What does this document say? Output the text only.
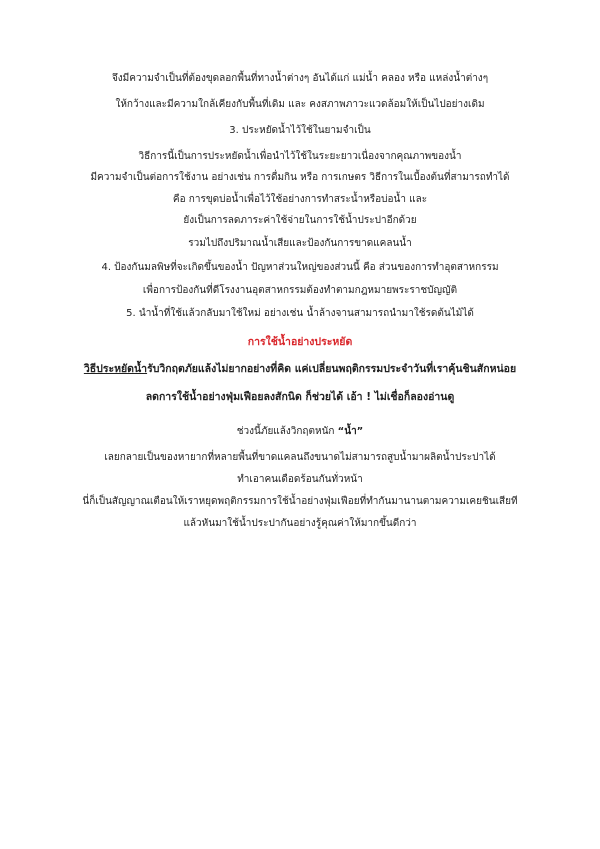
จึงมีความจำเป็นที่ต้องขุดลอกพื้นที่ทางน้ำต่างๆ อันได้แก่ แม่น้ำ คลอง หรือ แหล่งน้ำต่างๆ
ให้กว้างและมีความใกล้เคียงกับพื้นที่เดิม และ คงสภาพภาวะแวดล้อมให้เป็นไปอย่างเดิม
3. ประหยัดน้ำไว้ใช้ในยามจำเป็น
วิธีการนี้เป็นการประหยัดน้ำเพื่อนำไว้ใช้ในระยะยาวเนื่องจากคุณภาพของน้ำ
มีความจำเป็นต่อการใช้งาน อย่างเช่น การดื่มกิน หรือ การเกษตร วิธีการในเบื้องต้นที่สามารถทำได้
คือ การขุดบ่อน้ำเพื่อไว้ใช้อย่างการทำสระน้ำหรือบ่อน้ำ และ
ยังเป็นการลดภาระค่าใช้จ่ายในการใช้น้ำประปาอีกด้วย
รวมไปถึงปริมาณน้ำเสียและป้องกันการขาดแคลนน้ำ
4. ป้องกันมลพิษที่จะเกิดขึ้นของน้ำ ปัญหาส่วนใหญ่ของส่วนนี้ คือ ส่วนของการทำอุตสาหกรรม
เพื่อการป้องกันที่ดีโรงงานอุตสาหกรรมต้องทำตามกฎหมายพระราชบัญญัติ
5. นำน้ำที่ใช้แล้วกลับมาใช้ใหม่ อย่างเช่น น้ำล้างจานสามารถนำมาใช้รดต้นไม้ได้
การใช้น้ำอย่างประหยัด
วิธีประหยัดน้ำรับวิกฤตภัยแล้งไม่ยากอย่างที่คิด แค่เปลี่ยนพฤติกรรมประจำวันที่เราคุ้นชินสักหน่อย
ลดการใช้น้ำอย่างฟุ่มเฟือยลงสักนิด ก็ช่วยได้ เอ้า ! ไม่เชื่อก็ลองอ่านดู
ช่วงนี้ภัยแล้งวิกฤตหนัก “น้ำ”
เลยกลายเป็นของหายากที่หลายพื้นที่ขาดแคลนถึงขนาดไม่สามารถสูบน้ำมาผลิตน้ำประปาได้
ทำเอาคนเดือดร้อนกันทั่วหน้า
นี่ก็เป็นสัญญาณเตือนให้เราหยุดพฤติกรรมการใช้น้ำอย่างฟุ่มเฟือยที่ทำกันมานานตามความเคยชินเสียที
แล้วหันมาใช้น้ำประปากันอย่างรู้คุณค่าให้มากขึ้นดีกว่า
